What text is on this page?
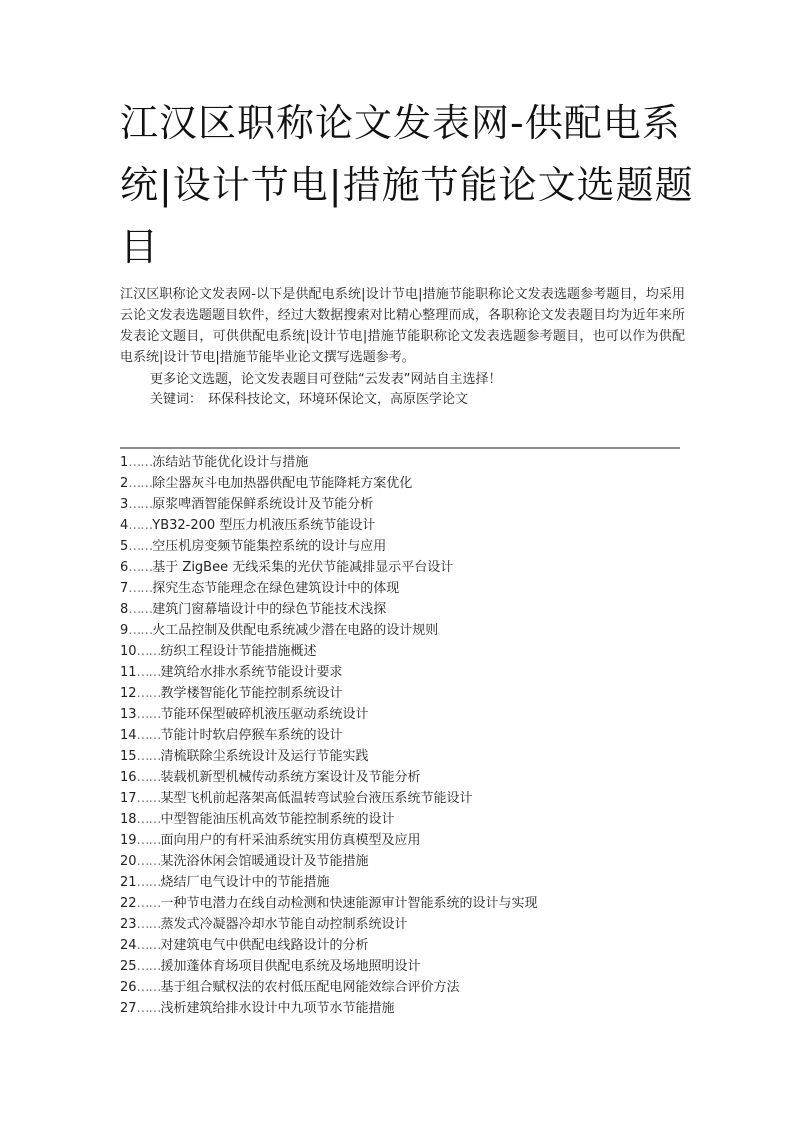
江汉区职称论文发表网-供配电系统|设计节电|措施节能论文选题题目

江汉区职称论文发表网-以下是供配电系统|设计节电|措施节能职称论文发表选题参考题目，均采用云论文发表选题题目软件，经过大数据搜索对比精心整理而成，各职称论文发表题目均为近年来所发表论文题目，可供供配电系统|设计节电|措施节能职称论文发表选题参考题目，也可以作为供配电系统|设计节电|措施节能毕业论文撰写选题参考。

更多论文选题，论文发表题目可登陆“云发表”网站自主选择！

关键词： 环保科技论文，环境环保论文，高原医学论文

1……冻结站节能优化设计与措施
2……除尘器灰斗电加热器供配电节能降耗方案优化
3……原浆啤酒智能保鲜系统设计及节能分析
4……YB32-200 型压力机液压系统节能设计
5……空压机房变频节能集控系统的设计与应用
6……基于 ZigBee 无线采集的光伏节能减排显示平台设计
7……探究生态节能理念在绿色建筑设计中的体现
8……建筑门窗幕墙设计中的绿色节能技术浅探
9……火工品控制及供配电系统减少潜在电路的设计规则
10……纺织工程设计节能措施概述
11……建筑给水排水系统节能设计要求
12……教学楼智能化节能控制系统设计
13……节能环保型破碎机液压驱动系统设计
14……节能计时软启停猴车系统的设计
15……清梳联除尘系统设计及运行节能实践
16……装载机新型机械传动系统方案设计及节能分析
17……某型飞机前起落架高低温转弯试验台液压系统节能设计
18……中型智能油压机高效节能控制系统的设计
19……面向用户的有杆采油系统实用仿真模型及应用
20……某洗浴休闲会馆暖通设计及节能措施
21……烧结厂电气设计中的节能措施
22……一种节电潜力在线自动检测和快速能源审计智能系统的设计与实现
23……蒸发式冷凝器冷却水节能自动控制系统设计
24……对建筑电气中供配电线路设计的分析
25……援加蓬体育场项目供配电系统及场地照明设计
26……基于组合赋权法的农村低压配电网能效综合评价方法
27……浅析建筑给排水设计中九项节水节能措施
